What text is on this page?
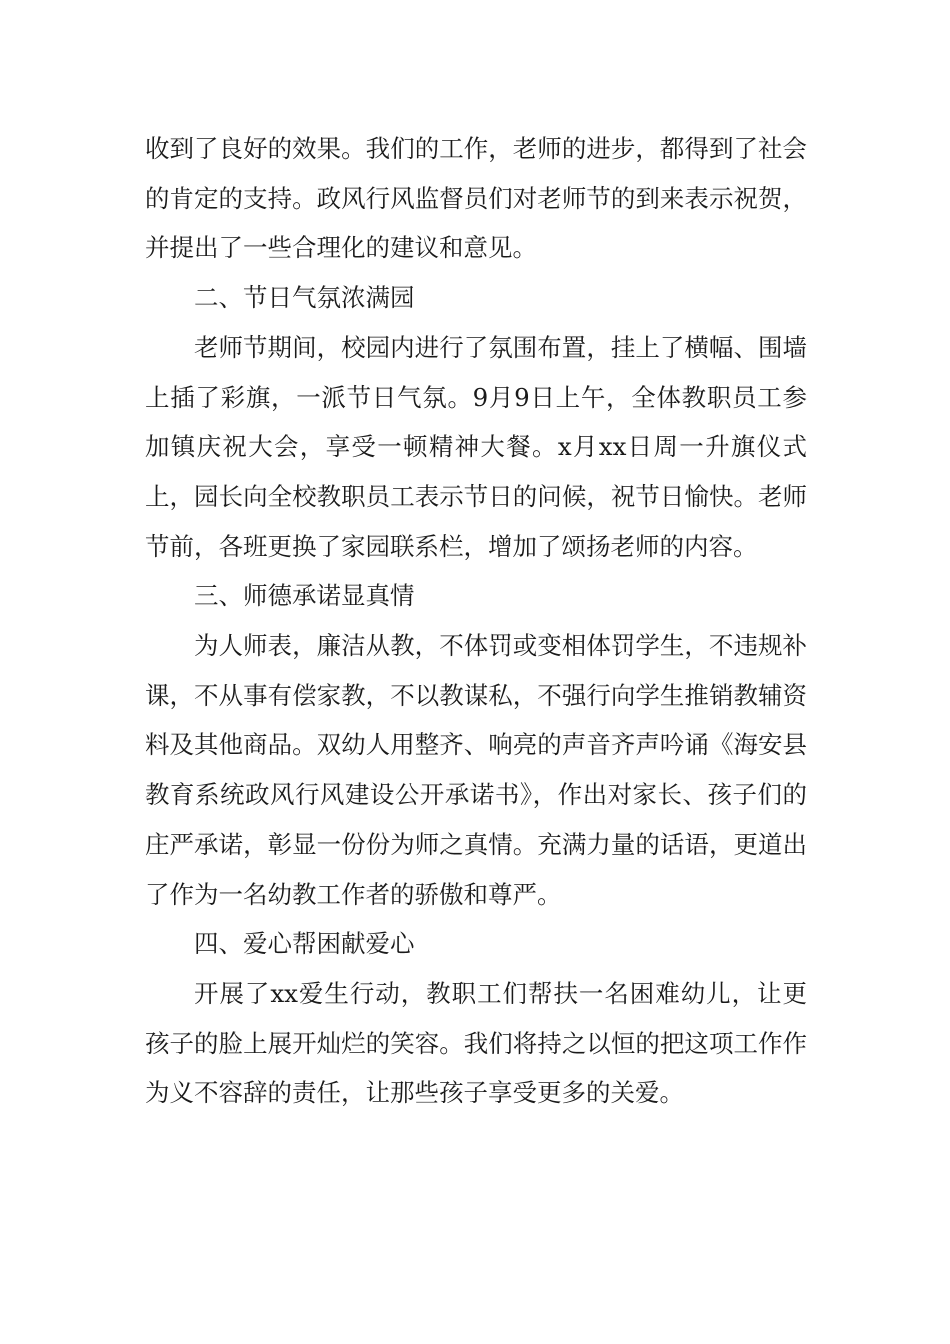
收到了良好的效果。我们的工作，老师的进步，都得到了社会的肯定的支持。政风行风监督员们对老师节的到来表示祝贺，并提出了一些合理化的建议和意见。

二、节日气氛浓满园

老师节期间，校园内进行了氛围布置，挂上了横幅、围墙上插了彩旗，一派节日气氛。9月9日上午，全体教职员工参加镇庆祝大会，享受一顿精神大餐。x月xx日周一升旗仪式上，园长向全校教职员工表示节日的问候，祝节日愉快。老师节前，各班更换了家园联系栏，增加了颂扬老师的内容。

三、师德承诺显真情

为人师表，廉洁从教，不体罚或变相体罚学生，不违规补课，不从事有偿家教，不以教谋私，不强行向学生推销教辅资料及其他商品。双幼人用整齐、响亮的声音齐声吟诵《海安县教育系统政风行风建设公开承诺书》，作出对家长、孩子们的庄严承诺，彰显一份份为师之真情。充满力量的话语，更道出了作为一名幼教工作者的骄傲和尊严。

四、爱心帮困献爱心

开展了xx爱生行动，教职工们帮扶一名困难幼儿，让更孩子的脸上展开灿烂的笑容。我们将持之以恒的把这项工作作为义不容辞的责任，让那些孩子享受更多的关爱。
